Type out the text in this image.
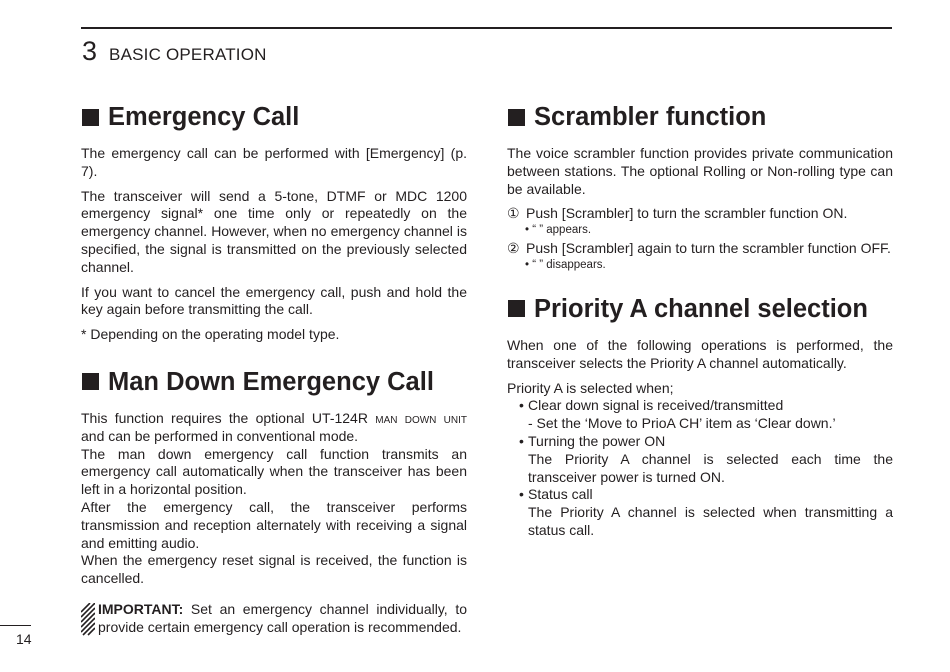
3 BASIC OPERATION
Emergency Call

The emergency call can be performed with [Emergency] (p. 7).

The transceiver will send a 5-tone, DTMF or MDC 1200 emergency signal* one time only or repeatedly on the emergency channel. However, when no emergency channel is specified, the signal is transmitted on the previously selected channel.

If you want to cancel the emergency call, push and hold the key again before transmitting the call.

* Depending on the operating model type.

Man Down Emergency Call

This function requires the optional UT-124R man down unit and can be performed in conventional mode.

The man down emergency call function transmits an emergency call automatically when the transceiver has been left in a horizontal position.

After the emergency call, the transceiver performs transmission and reception alternately with receiving a signal and emitting audio.

When the emergency reset signal is received, the function is cancelled.

IMPORTANT: Set an emergency channel individually, to provide certain emergency call operation is recommended.
Scrambler function

The voice scrambler function provides private communication between stations. The optional Rolling or Non-rolling type can be available.

① Push [Scrambler] to turn the scrambler function ON.
• “ ” appears.
② Push [Scrambler] again to turn the scrambler function OFF.
• “ ” disappears.
Priority A channel selection

When one of the following operations is performed, the transceiver selects the Priority A channel automatically.

Priority A is selected when;

• Clear down signal is received/transmitted
- Set the ‘Move to PrioA CH’ item as ‘Clear down.’
• Turning the power ON
The Priority A channel is selected each time the transceiver power is turned ON.
• Status call
The Priority A channel is selected when transmitting a status call.
14
